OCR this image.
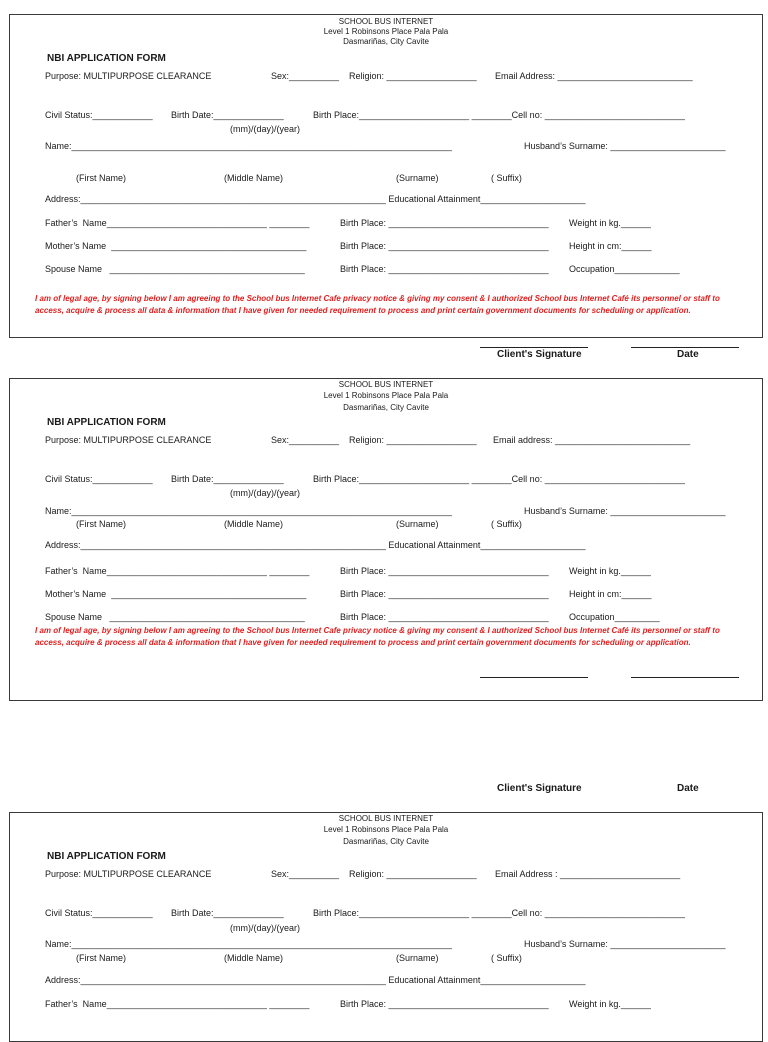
SCHOOL BUS INTERNET
Level 1 Robinsons Place Pala Pala
Dasmariñas, City Cavite
NBI APPLICATION FORM
Purpose: MULTIPURPOSE CLEARANCE	Sex:__________ Religion: __________________ Email Address: ___________________________
Civil Status:____________ Birth Date:______________	Birth Place:______________________ ________Cell no: ____________________________
(mm)/(day)/(year)
Name:____________________________________________________________________________	Husband’s Surname: _______________________
(First Name)	(Middle Name)	(Surname)	( Suffix)
Address:_____________________________________________________________ Educational Attainment_____________________
Father’s  Name________________________________ ________	Birth Place: ________________________________ Weight in kg.______
Mother’s Name  _______________________________________	Birth Place: ________________________________ Height in cm:______
Spouse Name   _______________________________________	Birth Place: ________________________________ Occupation_____________
I am of legal age, by signing below I am agreeing to the School bus Internet Cafe privacy notice & giving my consent & I authorized School bus Internet Café its personnel or staff to access, acquire & process all data & information that I have given for needed requirement to process and print certain government documents for scheduling or application.
Client's Signature	Date
SCHOOL BUS INTERNET
Level 1 Robinsons Place Pala Pala
Dasmariñas, City Cavite
NBI APPLICATION FORM
Purpose: MULTIPURPOSE CLEARANCE	Sex:__________ Religion: __________________ Email address: ___________________________
Civil Status:____________ Birth Date:______________	Birth Place:______________________ ________Cell no: ____________________________
(mm)/(day)/(year)
Name:____________________________________________________________________________	Husband’s Surname: _______________________
(First Name)	(Middle Name)	(Surname)	( Suffix)
Address:_____________________________________________________________ Educational Attainment_____________________
Father’s  Name________________________________ ________	Birth Place: ________________________________ Weight in kg.______
Mother’s Name  _______________________________________	Birth Place: ________________________________ Height in cm:______
Spouse Name   _______________________________________	Birth Place: ________________________________ Occupation_________
I am of legal age, by signing below I am agreeing to the School bus Internet Cafe privacy notice & giving my consent & I authorized School bus Internet Café its personnel or staff to access, acquire & process all data & information that I have given for needed requirement to process and print certain government documents for scheduling or application.
Client's Signature	Date
SCHOOL BUS INTERNET
Level 1 Robinsons Place Pala Pala
Dasmariñas, City Cavite
NBI APPLICATION FORM
Purpose: MULTIPURPOSE CLEARANCE	Sex:__________ Religion: __________________ Email Address : ________________________
Civil Status:____________ Birth Date:______________	Birth Place:______________________ ________Cell no: ____________________________
(mm)/(day)/(year)
Name:____________________________________________________________________________	Husband’s Surname: _______________________
(First Name)	(Middle Name)	(Surname)	( Suffix)
Address:_____________________________________________________________ Educational Attainment_____________________
Father’s  Name________________________________ ________	Birth Place: ________________________________ Weight in kg.______
